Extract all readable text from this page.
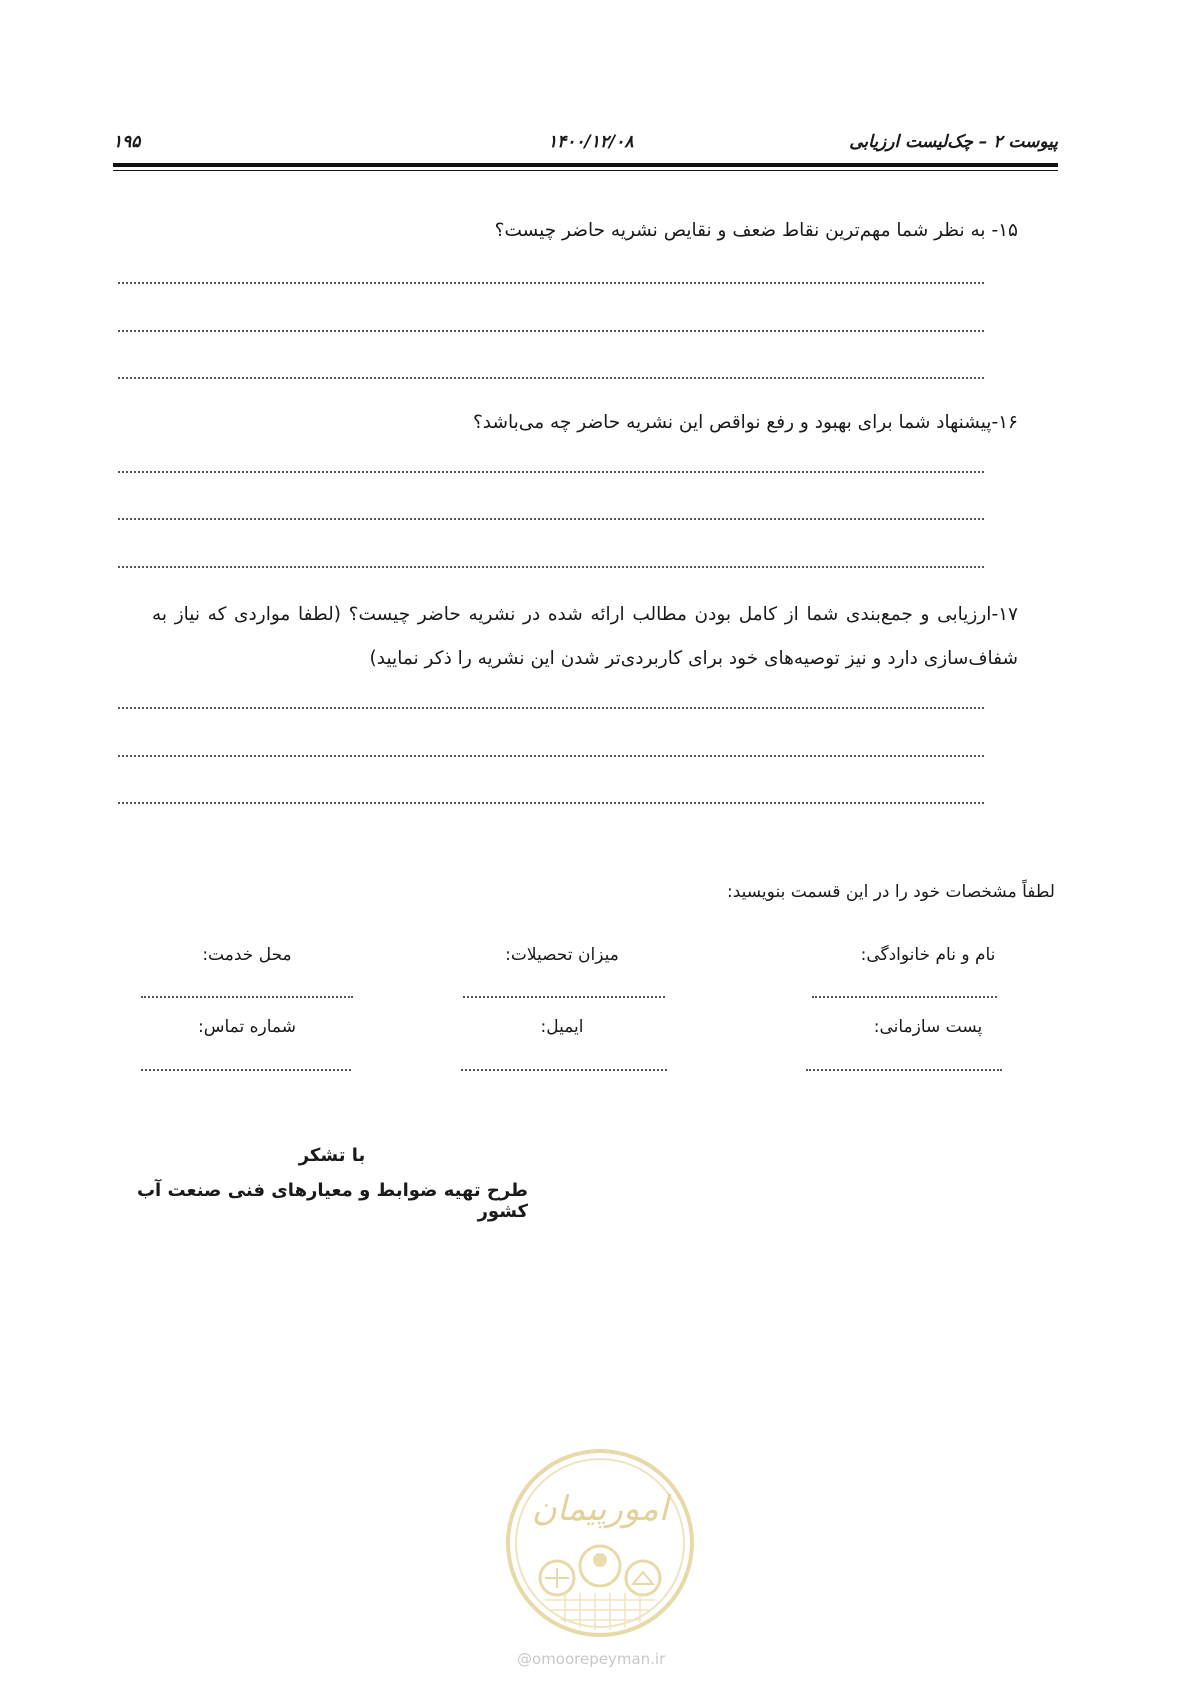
پیوست ۲ – چک‌لیست ارزیابی
۱۴۰۰/۱۲/۰۸
۱۹۵
۱۵- به نظر شما مهم‌ترین نقاط ضعف و نقایص نشریه حاضر چیست؟
۱۶-پیشنهاد شما برای بهبود و رفع نواقص این نشریه حاضر چه می‌باشد؟
۱۷-ارزیابی و جمع‌بندی شما از کامل بودن مطالب ارائه شده در نشریه حاضر چیست؟ (لطفا مواردی که نیاز به شفاف‌سازی دارد و نیز توصیه‌های خود برای کاربردی‌تر شدن این نشریه را ذکر نمایید)
لطفاً مشخصات خود را در این قسمت بنویسید:
نام و نام خانوادگی:
میزان تحصیلات:
محل خدمت:
پست سازمانی:
ایمیل:
شماره تماس:
با تشکر
طرح تهیه ضوابط و معیارهای فنی صنعت آب کشور
امورپیمان
@omoorepeyman.ir
